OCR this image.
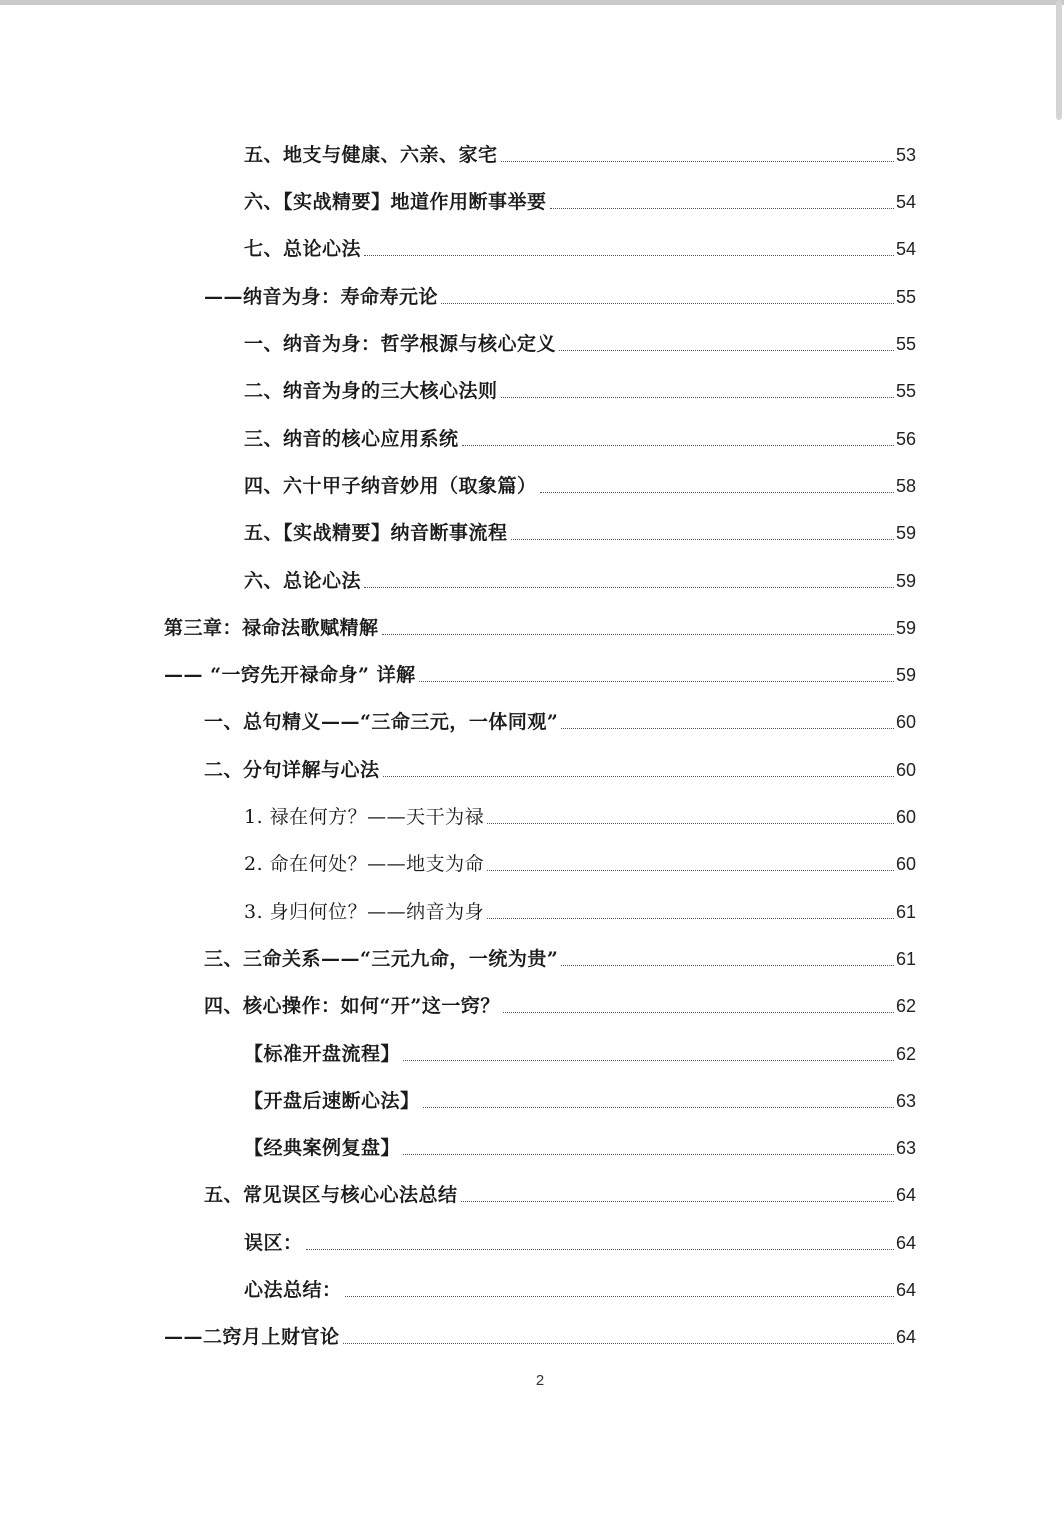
五、地支与健康、六亲、家宅	53
六、【实战精要】地道作用断事举要	54
七、总论心法	54
——纳音为身：寿命寿元论	55
一、纳音为身：哲学根源与核心定义	55
二、纳音为身的三大核心法则	55
三、纳音的核心应用系统	56
四、六十甲子纳音妙用（取象篇）	58
五、【实战精要】纳音断事流程	59
六、总论心法	59
第三章：禄命法歌赋精解	59
—— “一窍先开禄命身” 详解	59
一、总句精义——“三命三元，一体同观”	60
二、分句详解与心法	60
1. 禄在何方？——天干为禄	60
2. 命在何处？——地支为命	60
3. 身归何位？——纳音为身	61
三、三命关系——“三元九命，一统为贵”	61
四、核心操作：如何“开”这一窍？	62
【标准开盘流程】	62
【开盘后速断心法】	63
【经典案例复盘】	63
五、常见误区与核心心法总结	64
误区：	64
心法总结：	64
——二窍月上财官论	64
2
